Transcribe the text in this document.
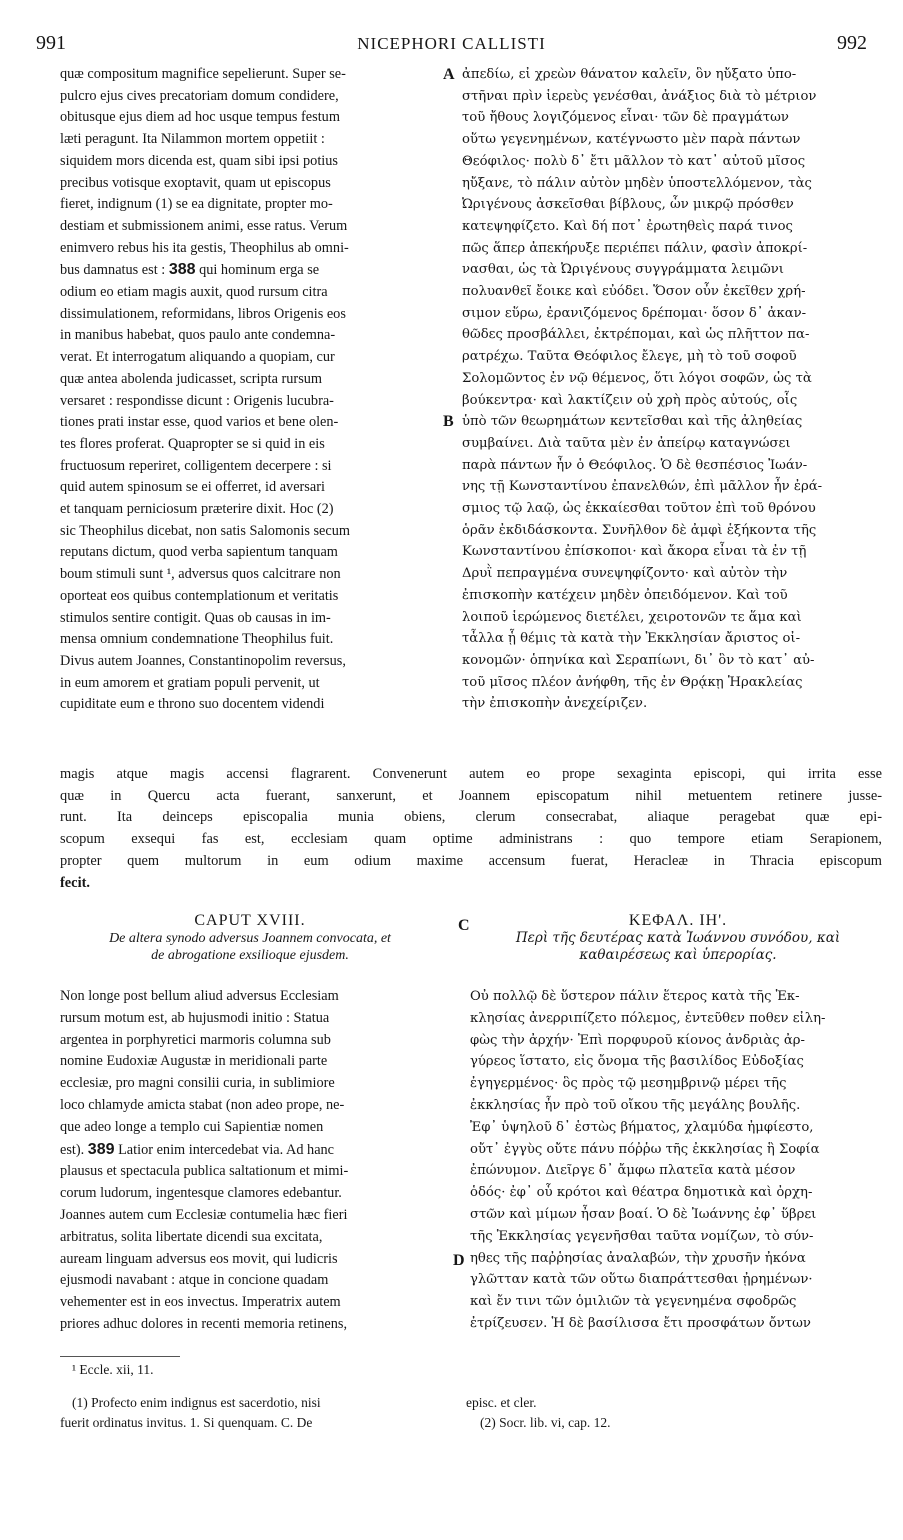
991	NICEPHORI CALLISTI	992

quæ compositum magnifice sepelierunt. Super se-

pulcro ejus cives precatoriam domum condidere,

obitusque ejus diem ad hoc usque tempus festum

læti peragunt. Ita Nilammon mortem oppetiit :

siquidem mors dicenda est, quam sibi ipsi potius

precibus votisque exoptavit, quam ut episcopus

fieret, indignum (1) se ea dignitate, propter mo-

destiam et submissionem animi, esse ratus. Verum

enimvero rebus his ita gestis, Theophilus ab omni-

bus damnatus est : 388 qui hominum erga se

odium eo etiam magis auxit, quod rursum citra

dissimulationem, reformidans, libros Origenis eos

in manibus habebat, quos paulo ante condemna-

verat. Et interrogatum aliquando a quopiam, cur

quæ antea abolenda judicasset, scripta rursum

versaret : respondisse dicunt : Origenis lucubra-

tiones prati instar esse, quod varios et bene olen-

tes flores proferat. Quapropter se si quid in eis

fructuosum reperiret, colligentem decerpere : si

quid autem spinosum se ei offerret, id aversari

et tanquam perniciosum præterire dixit. Hoc (2)

sic Theophilus dicebat, non satis Salomonis secum

reputans dictum, quod verba sapientum tanquam

boum stimuli sunt ¹, adversus quos calcitrare non

oporteat eos quibus contemplationum et veritatis

stimulos sentire contigit. Quas ob causas in im-

mensa omnium condemnatione Theophilus fuit.

Divus autem Joannes, Constantinopolim reversus,

in eum amorem et gratiam populi pervenit, ut

cupiditate eum e throno suo docentem videndi

A
B

ἀπεδίω, εἰ χρεὼν θάνατον καλεῖν, ὃν ηὔξατο ὑπο-

στῆναι πρὶν ἱερεὺς γενέσθαι, ἀνάξιος διὰ τὸ μέτριον

τοῦ ἤθους λογιζόμενος εἶναι· τῶν δὲ πραγμάτων

οὕτω γεγενημένων, κατέγνωστο μὲν παρὰ πάντων

Θεόφιλος· πολὺ δ᾽ ἔτι μᾶλλον τὸ κατ᾽ αὐτοῦ μῖσος

ηὔξανε, τὸ πάλιν αὐτὸν μηδὲν ὑποστελλόμενον, τὰς

Ὠριγένους ἀσκεῖσθαι βίβλους, ὧν μικρῷ πρόσθεν

κατεψηφίζετο. Καὶ δή ποτ᾽ ἐρωτηθεὶς παρά τινος

πῶς ἅπερ ἀπεκήρυξε περιέπει πάλιν, φασὶν ἀποκρί-

νασθαι, ὡς τὰ Ὠριγένους συγγράμματα λειμῶνι

πολυανθεῖ ἔοικε καὶ εὐόδει. Ὅσον οὖν ἐκεῖθεν χρή-

σιμον εὕρω, ἐρανιζόμενος δρέπομαι· ὅσον δ᾽ ἀκαν-

θῶδες προσβάλλει, ἐκτρέπομαι, καὶ ὡς πλῆττον πα-

ρατρέχω. Ταῦτα Θεόφιλος ἔλεγε, μὴ τὸ τοῦ σοφοῦ

Σολομῶντος ἐν νῷ θέμενος, ὅτι λόγοι σοφῶν, ὡς τὰ

βούκεντρα· καὶ λακτίζειν οὐ χρὴ πρὸς αὐτούς, οἷς

ὑπὸ τῶν θεωρημάτων κεντεῖσθαι καὶ τῆς ἀληθείας

συμβαίνει. Διὰ ταῦτα μὲν ἐν ἀπείρῳ καταγνώσει

παρὰ πάντων ἦν ὁ Θεόφιλος. Ὁ δὲ θεσπέσιος Ἰωάν-

νης τῇ Κωνσταντίνου ἐπανελθών, ἐπὶ μᾶλλον ἦν ἐρά-

σμιος τῷ λαῷ, ὡς ἐκκαίεσθαι τοῦτον ἐπὶ τοῦ θρόνου

ὁρᾶν ἐκδιδάσκοντα. Συνῆλθον δὲ ἀμφὶ ἑξήκοντα τῆς

Κωνσταντίνου ἐπίσκοποι· καὶ ἄκορα εἶναι τὰ ἐν τῇ

Δρυῒ πεπραγμένα συνεψηφίζοντο· καὶ αὐτὸν τὴν

ἐπισκοπὴν κατέχειν μηδὲν ὀπειδόμενον. Καὶ τοῦ

λοιποῦ ἱερώμενος διετέλει, χειροτονῶν τε ἅμα καὶ

τἆλλα ᾗ θέμις τὰ κατὰ τὴν Ἐκκλησίαν ἄριστος οἰ-

κονομῶν· ὁπηνίκα καὶ Σεραπίωνι, δι᾽ ὃν τὸ κατ᾽ αὐ-

τοῦ μῖσος πλέον ἀνήφθη, τῆς ἐν Θρᾴκῃ Ἡρακλείας

τὴν ἐπισκοπὴν ἀνεχείριζεν.

magis atque magis accensi flagrarent. Convenerunt autem eo prope sexaginta episcopi, qui irrita esse

quæ in Quercu acta fuerant, sanxerunt, et Joannem episcopatum nihil metuentem retinere jusse-

runt. Ita deinceps episcopalia munia obiens, clerum consecrabat, aliaque peragebat quæ epi-

scopum exsequi fas est, ecclesiam quam optime administrans : quo tempore etiam Serapionem,

propter quem multorum in eum odium maxime accensum fuerat, Heracleæ in Thracia episcopum

fecit.

CAPUT XVIII.
De altera synodo adversus Joannem convocata, et
de abrogatione exsilioque ejusdem.
C	ΚΕΦΑΛ. ΙΗ'.
Περὶ τῆς δευτέρας κατὰ Ἰωάννου συνόδου, καὶ
καθαιρέσεως καὶ ὑπερορίας.

Non longe post bellum aliud adversus Ecclesiam

rursum motum est, ab hujusmodi initio : Statua

argentea in porphyretici marmoris columna sub

nomine Eudoxiæ Augustæ in meridionali parte

ecclesiæ, pro magni consilii curia, in sublimiore

loco chlamyde amicta stabat (non adeo prope, ne-

que adeo longe a templo cui Sapientiæ nomen

est). 389 Latior enim intercedebat via. Ad hanc

plausus et spectacula publica saltationum et mimi-

corum ludorum, ingentesque clamores edebantur.

Joannes autem cum Ecclesiæ contumelia hæc fieri

arbitratus, solita libertate dicendi sua excitata,

auream linguam adversus eos movit, qui ludicris

ejusmodi navabant : atque in concione quadam

vehementer est in eos invectus. Imperatrix autem

priores adhuc dolores in recenti memoria retinens,

D

Οὐ πολλῷ δὲ ὕστερον πάλιν ἕτερος κατὰ τῆς Ἐκ-

κλησίας ἀνερριπίζετο πόλεμος, ἐντεῦθεν ποθεν εἰλη-

φὼς τὴν ἀρχήν· Ἐπὶ πορφυροῦ κίονος ἀνδριὰς ἀρ-

γύρεος ἵστατο, εἰς ὄνομα τῆς βασιλίδος Εὐδοξίας

ἐγηγερμένος· ὃς πρὸς τῷ μεσημβρινῷ μέρει τῆς

ἐκκλησίας ἦν πρὸ τοῦ οἴκου τῆς μεγάλης βουλῆς.

Ἐφ᾽ ὑψηλοῦ δ᾽ ἑστὼς βήματος, χλαμύδα ἠμφίεστο,

οὔτ᾽ ἐγγὺς οὔτε πάνυ πόῤῥω τῆς ἐκκλησίας ἣ Σοφία

ἐπώνυμον. Διεῖργε δ᾽ ἄμφω πλατεῖα κατὰ μέσον

ὁδός· ἐφ᾽ οὗ κρότοι καὶ θέατρα δημοτικὰ καὶ ὀρχη-

στῶν καὶ μίμων ἦσαν βοαί. Ὁ δὲ Ἰωάννης ἐφ᾽ ὕβρει

τῆς Ἐκκλησίας γεγενῆσθαι ταῦτα νομίζων, τὸ σύν-

ηθες τῆς παῤῥησίας ἀναλαβών, τὴν χρυσῆν ἠκόνα

γλῶτταν κατὰ τῶν οὕτω διαπράττεσθαι ᾐρημένων·

καὶ ἔν τινι τῶν ὁμιλιῶν τὰ γεγενημένα σφοδρῶς

ἐτρίζευσεν. Ἡ δὲ βασίλισσα ἔτι προσφάτων ὄντων

¹ Eccle. xii, 11.
(1) Profecto enim indignus est sacerdotio, nisi
fuerit ordinatus invitus. 1. Si quenquam. C. De
episc. et cler.
(2) Socr. lib. vi, cap. 12.
